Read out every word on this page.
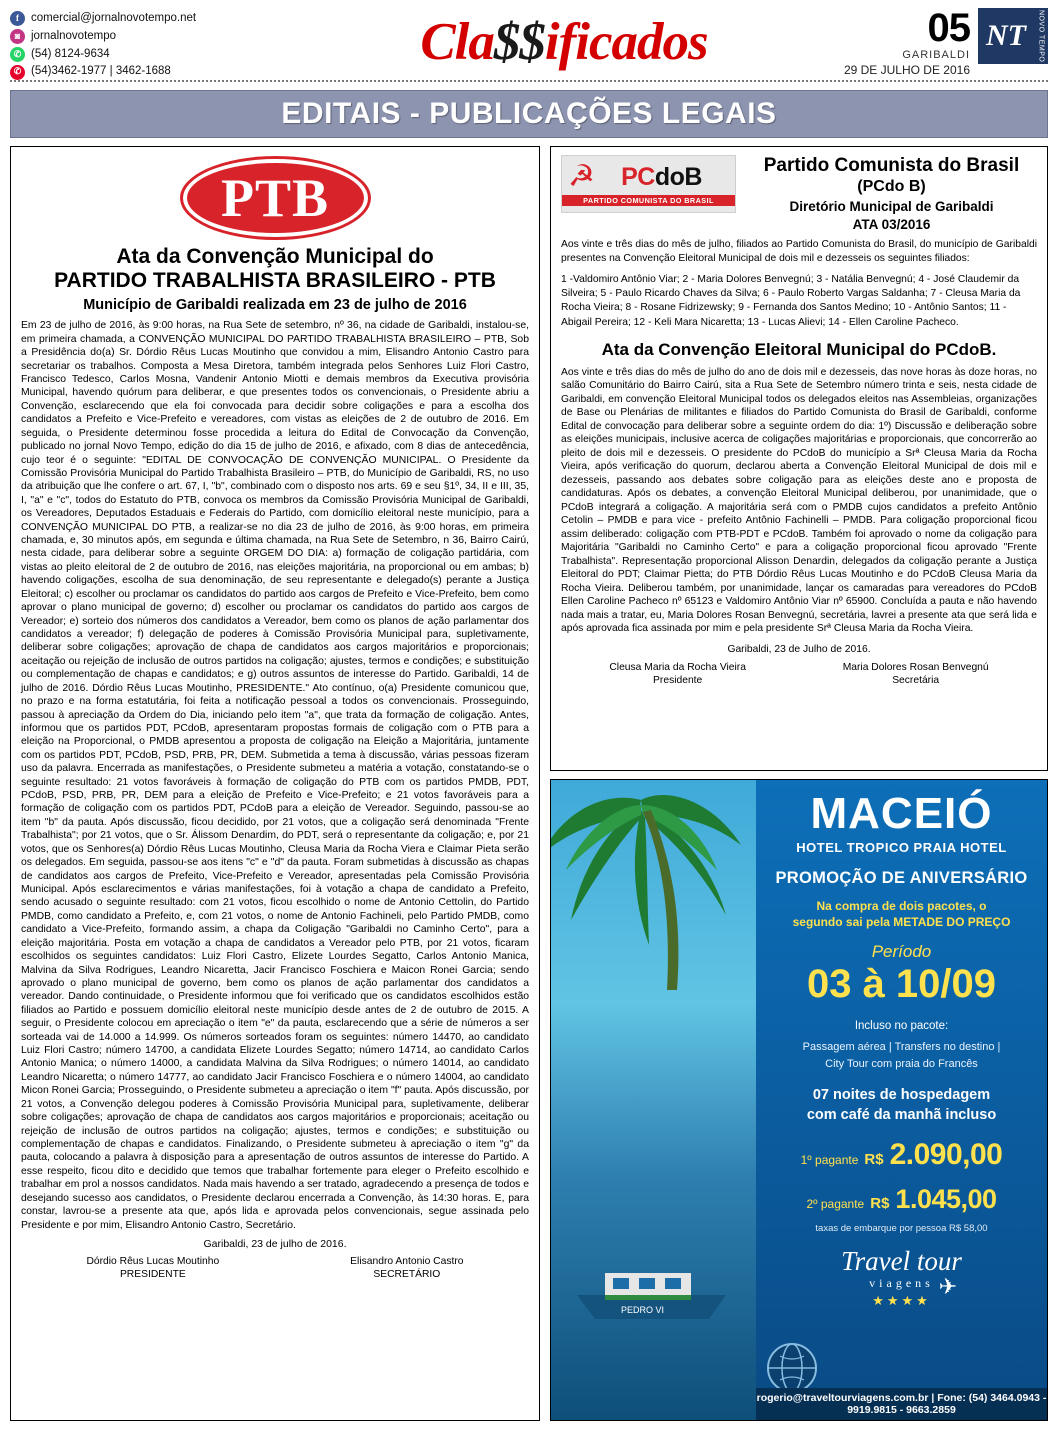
f	comercial@jornalnovotempo.net
◙ jornalnovotempo
✆ (54) 8124-9634
✆ (54)3462-1977 | 3462-1688
Cla$$ificados	05
GARIBALDI
29 DE JULHO DE 2016
NT	NOVO TEMPO
EDITAIS - PUBLICAÇÕES LEGAIS
PTB
Ata da Convenção Municipal do
PARTIDO TRABALHISTA BRASILEIRO - PTB
Município de Garibaldi realizada em 23 de julho de 2016
Em 23 de julho de 2016, às 9:00 horas, na Rua Sete de setembro, nº 36, na cidade de Garibaldi, instalou-se, em primeira chamada, a CONVENÇÃO MUNICIPAL DO PARTIDO TRABALHISTA BRASILEIRO – PTB, Sob a Presidência do(a) Sr. Dórdio Rêus Lucas Moutinho que convidou a mim, Elisandro Antonio Castro para secretariar os trabalhos. Composta a Mesa Diretora, também integrada pelos Senhores Luiz Flori Castro, Francisco Tedesco, Carlos Mosna, Vandenir Antonio Miotti e demais membros da Executiva provisória Municipal, havendo quórum para deliberar, e que presentes todos os convencionais, o Presidente abriu a Convenção, esclarecendo que ela foi convocada para decidir sobre coligações e para a escolha dos candidatos a Prefeito e Vice-Prefeito e vereadores, com vistas as eleições de 2 de outubro de 2016. Em seguida, o Presidente determinou fosse procedida a leitura do Edital de Convocação da Convenção, publicado no jornal Novo Tempo, edição do dia 15 de julho de 2016, e afixado, com 8 dias de antecedência, cujo teor é o seguinte: "EDITAL DE CONVOCAÇÃO DE CONVENÇÃO MUNICIPAL. O Presidente da Comissão Provisória Municipal do Partido Trabalhista Brasileiro – PTB, do Município de Garibaldi, RS, no uso da atribuição que lhe confere o art. 67, I, "b", combinado com o disposto nos arts. 69 e seu §1º, 34, II e III, 35, I, "a" e "c", todos do Estatuto do PTB, convoca os membros da Comissão Provisória Municipal de Garibaldi, os Vereadores, Deputados Estaduais e Federais do Partido, com domicílio eleitoral neste município, para a CONVENÇÃO MUNICIPAL DO PTB, a realizar-se no dia 23 de julho de 2016, às 9:00 horas, em primeira chamada, e, 30 minutos após, em segunda e última chamada, na Rua Sete de Setembro, n 36, Bairro Cairú, nesta cidade, para deliberar sobre a seguinte ORGEM DO DIA: a) formação de coligação partidária, com vistas ao pleito eleitoral de 2 de outubro de 2016, nas eleições majoritária, na proporcional ou em ambas; b) havendo coligações, escolha de sua denominação, de seu representante e delegado(s) perante a Justiça Eleitoral; c) escolher ou proclamar os candidatos do partido aos cargos de Prefeito e Vice-Prefeito, bem como aprovar o plano municipal de governo; d) escolher ou proclamar os candidatos do partido aos cargos de Vereador; e) sorteio dos números dos candidatos a Vereador, bem como os planos de ação parlamentar dos candidatos a vereador; f) delegação de poderes à Comissão Provisória Municipal para, supletivamente, deliberar sobre coligações; aprovação de chapa de candidatos aos cargos majoritários e proporcionais; aceitação ou rejeição de inclusão de outros partidos na coligação; ajustes, termos e condições; e substituição ou complementação de chapas e candidatos; e g) outros assuntos de interesse do Partido. Garibaldi, 14 de julho de 2016. Dórdio Rêus Lucas Moutinho, PRESIDENTE." Ato contínuo, o(a) Presidente comunicou que, no prazo e na forma estatutária, foi feita a notificação pessoal a todos os convencionais. Prosseguindo, passou à apreciação da Ordem do Dia, iniciando pelo item "a", que trata da formação de coligação. Antes, informou que os partidos PDT, PCdoB, apresentaram propostas formais de coligação com o PTB para a eleição na Proporcional, o PMDB apresentou a proposta de coligação na Eleição a Majoritária, juntamente com os partidos PDT, PCdoB, PSD, PRB, PR, DEM. Submetida a tema à discussão, várias pessoas fizeram uso da palavra. Encerrada as manifestações, o Presidente submeteu a matéria a votação, constatando-se o seguinte resultado: 21 votos favoráveis à formação de coligação do PTB com os partidos PMDB, PDT, PCdoB, PSD, PRB, PR, DEM para a eleição de Prefeito e Vice-Prefeito; e 21 votos favoráveis para a formação de coligação com os partidos PDT, PCdoB para a eleição de Vereador. Seguindo, passou-se ao item "b" da pauta. Após discussão, ficou decidido, por 21 votos, que a coligação será denominada "Frente Trabalhista"; por 21 votos, que o Sr. Álissom Denardim, do PDT, será o representante da coligação; e, por 21 votos, que os Senhores(a) Dórdio Rêus Lucas Moutinho, Cleusa Maria da Rocha Viera e Claimar Pieta serão os delegados. Em seguida, passou-se aos itens "c" e "d" da pauta. Foram submetidas à discussão as chapas de candidatos aos cargos de Prefeito, Vice-Prefeito e Vereador, apresentadas pela Comissão Provisória Municipal. Após esclarecimentos e várias manifestações, foi à votação a chapa de candidato a Prefeito, sendo acusado o seguinte resultado: com 21 votos, ficou escolhido o nome de Antonio Cettolin, do Partido PMDB, como candidato a Prefeito, e, com 21 votos, o nome de Antonio Fachineli, pelo Partido PMDB, como candidato a Vice-Prefeito, formando assim, a chapa da Coligação "Garibaldi no Caminho Certo", para a eleição majoritária. Posta em votação a chapa de candidatos a Vereador pelo PTB, por 21 votos, ficaram escolhidos os seguintes candidatos: Luiz Flori Castro, Elizete Lourdes Segatto, Carlos Antonio Manica, Malvina da Silva Rodrigues, Leandro Nicaretta, Jacir Francisco Foschiera e Maicon Ronei Garcia; sendo aprovado o plano municipal de governo, bem como os planos de ação parlamentar dos candidatos a vereador. Dando continuidade, o Presidente informou que foi verificado que os candidatos escolhidos estão filiados ao Partido e possuem domicílio eleitoral neste município desde antes de 2 de outubro de 2015. A seguir, o Presidente colocou em apreciação o item "e" da pauta, esclarecendo que a série de números a ser sorteada vai de 14.000 a 14.999. Os números sorteados foram os seguintes: número 14470, ao candidato Luiz Flori Castro; número 14700, a candidata Elizete Lourdes Segatto; número 14714, ao candidato Carlos Antonio Manica; o número 14000, a candidata Malvina da Silva Rodrigues; o número 14014, ao candidato Leandro Nicaretta; o número 14777, ao candidato Jacir Francisco Foschiera e o número 14004, ao candidato Micon Ronei Garcia; Prosseguindo, o Presidente submeteu a apreciação o item "f" pauta. Após discussão, por 21 votos, a Convenção delegou poderes à Comissão Provisória Municipal para, supletivamente, deliberar sobre coligações; aprovação de chapa de candidatos aos cargos majoritários e proporcionais; aceitação ou rejeição de inclusão de outros partidos na coligação; ajustes, termos e condições; e substituição ou complementação de chapas e candidatos. Finalizando, o Presidente submeteu à apreciação o item "g" da pauta, colocando a palavra à disposição para a apresentação de outros assuntos de interesse do Partido. A esse respeito, ficou dito e decidido que temos que trabalhar fortemente para eleger o Prefeito escolhido e trabalhar em prol a nossos candidatos. Nada mais havendo a ser tratado, agradecendo a presença de todos e desejando sucesso aos candidatos, o Presidente declarou encerrada a Convenção, às 14:30 horas. E, para constar, lavrou-se a presente ata que, após lida e aprovada pelos convencionais, segue assinada pelo Presidente e por mim, Elisandro Antonio Castro, Secretário.
Garibaldi, 23 de julho de 2016.
Dórdio Rêus Lucas Moutinho
PRESIDENTE
Elisandro Antonio Castro
SECRETÁRIO
☭ PCdoB
PARTIDO COMUNISTA DO BRASIL
Partido Comunista do Brasil
(PCdo B)
Diretório Municipal de Garibaldi
ATA 03/2016
Aos vinte e três dias do mês de julho, filiados ao Partido Comunista do Brasil, do município de Garibaldi presentes na Convenção Eleitoral Municipal de dois mil e dezesseis os seguintes filiados:
1 -Valdomiro Antônio Viar; 2 - Maria Dolores Benvegnú; 3 - Natália Benvegnú; 4 - José Claudemir da Silveira; 5 - Paulo Ricardo Chaves da Silva; 6 - Paulo Roberto Vargas Saldanha; 7 - Cleusa Maria da Rocha Vieira; 8 - Rosane Fidrizewsky; 9 - Fernanda dos Santos Medino; 10 - Antônio Santos; 11 - Abigail Pereira; 12 - Keli Mara Nicaretta; 13 - Lucas Alievi; 14 - Ellen Caroline Pacheco.
Ata da Convenção Eleitoral Municipal do PCdoB.
Aos vinte e três dias do mês de julho do ano de dois mil e dezesseis, das nove horas às doze horas, no salão Comunitário do Bairro Cairú, sita a Rua Sete de Setembro número trinta e seis, nesta cidade de Garibaldi, em convenção Eleitoral Municipal todos os delegados eleitos nas Assembleias, organizações de Base ou Plenárias de militantes e filiados do Partido Comunista do Brasil de Garibaldi, conforme Edital de convocação para deliberar sobre a seguinte ordem do dia: 1º) Discussão e deliberação sobre as eleições municipais, inclusive acerca de coligações majoritárias e proporcionais, que concorrerão ao pleito de dois mil e dezesseis. O presidente do PCdoB do município a Srª Cleusa Maria da Rocha Vieira, após verificação do quorum, declarou aberta a Convenção Eleitoral Municipal de dois mil e dezesseis, passando aos debates sobre coligação para as eleições deste ano e proposta de candidaturas. Após os debates, a convenção Eleitoral Municipal deliberou, por unanimidade, que o PCdoB integrará a coligação. A majoritária será com o PMDB cujos candidatos a prefeito Antônio Cetolin – PMDB e para vice - prefeito Antônio Fachinelli – PMDB. Para coligação proporcional ficou assim deliberado: coligação com PTB-PDT e PCdoB. Também foi aprovado o nome da coligação para Majoritária "Garibaldi no Caminho Certo" e para a coligação proporcional ficou aprovado "Frente Trabalhista". Representação proporcional Alisson Denardin, delegados da coligação perante a Justiça Eleitoral do PDT; Claimar Pietta; do PTB Dórdio Rêus Lucas Moutinho e do PCdoB Cleusa Maria da Rocha Vieira. Deliberou também, por unanimidade, lançar os camaradas para vereadores do PCdoB Ellen Caroline Pacheco nº 65123 e Valdomiro Antônio Viar nº 65900. Concluída a pauta e não havendo nada mais a tratar, eu, Maria Dolores Rosan Benvegnú, secretária, lavrei a presente ata que será lida e após aprovada fica assinada por mim e pela presidente Srª Cleusa Maria da Rocha Vieira.
Garibaldi, 23 de Julho de 2016.
Cleusa Maria da Rocha Vieira
Presidente
Maria Dolores Rosan Benvegnú
Secretária
PEDRO VI
MACEIÓ
HOTEL TROPICO PRAIA HOTEL
PROMOÇÃO DE ANIVERSÁRIO
Na compra de dois pacotes, o
segundo sai pela METADE DO PREÇO
Período
03 à 10/09
Incluso no pacote:
Passagem aérea | Transfers no destino |
City Tour com praia do Francês
07 noites de hospedagem
com café da manhã incluso
1º pagante R$ 2.090,00
2º pagante R$ 1.045,00
taxas de embarque por pessoa R$ 58,00
Travel tour
viagens
★★★★
✈
rogerio@traveltourviagens.com.br | Fone: (54) 3464.0943 - 9919.9815 - 9663.2859
